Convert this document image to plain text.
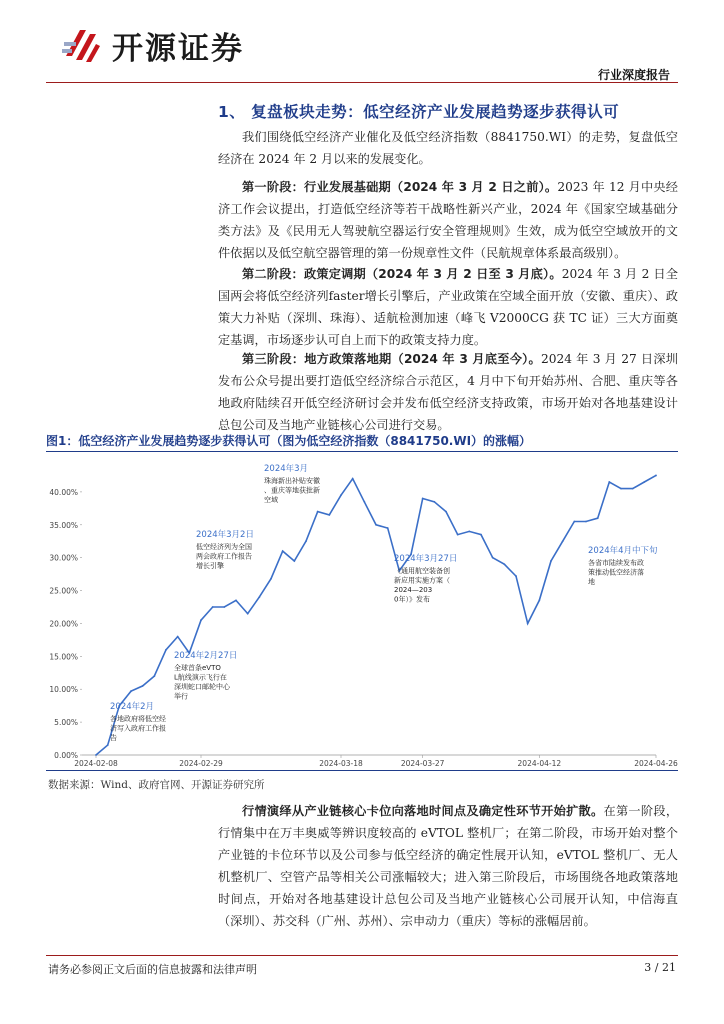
开源证券
行业深度报告
1、 复盘板块走势：低空经济产业发展趋势逐步获得认可
我们围绕低空经济产业催化及低空经济指数（8841750.WI）的走势，复盘低空经济在 2024 年 2 月以来的发展变化。
第一阶段：行业发展基础期（2024 年 3 月 2 日之前）。2023 年 12 月中央经济工作会议提出，打造低空经济等若干战略性新兴产业，2024 年《国家空域基础分类方法》及《民用无人驾驶航空器运行安全管理规则》生效，成为低空空域放开的文件依据以及低空航空器管理的第一份规章性文件（民航规章体系最高级别）。
第二阶段：政策定调期（2024 年 3 月 2 日至 3 月底）。2024 年 3 月 2 日全国两会将低空经济列faster增长引擎后，产业政策在空域全面开放（安徽、重庆）、政策大力补贴（深圳、珠海）、适航检测加速（峰飞 V2000CG 获 TC 证）三大方面奠定基调，市场逐步认可自上而下的政策支持力度。
第三阶段：地方政策落地期（2024 年 3 月底至今）。2024 年 3 月 27 日深圳发布公众号提出要打造低空经济综合示范区，4 月中下旬开始苏州、合肥、重庆等各地政府陆续召开低空经济研讨会并发布低空经济支持政策，市场开始对各地基建设计总包公司及当地产业链核心公司进行交易。
图1：低空经济产业发展趋势逐步获得认可（图为低空经济指数（8841750.WI）的涨幅）
0.00%
5.00%
10.00%
15.00%
20.00%
25.00%
30.00%
35.00%
40.00%
2024-02-08	2024-02-29	2024-03-18	2024-03-27	2024-04-12	2024-04-26
2024年2月
各地政府将低空经
济写入政府工作报
告
2024年2月27日
全球首条eVTO
L航线演示飞行在
深圳蛇口邮轮中心
举行
2024年3月2日
低空经济列为全国
两会政府工作报告
增长引擎
2024年3月
珠海新出补贴安徽
、重庆等地获批新
空域
2024年3月27日
《通用航空装备创
新应用实施方案（
2024—203
0年）》发布
2024年4月中下旬
各省市陆续发布政
策推动低空经济落
地
数据来源：Wind、政府官网、开源证券研究所
行情演绎从产业链核心卡位向落地时间点及确定性环节开始扩散。在第一阶段，行情集中在万丰奥威等辨识度较高的 eVTOL 整机厂；在第二阶段，市场开始对整个产业链的卡位环节以及公司参与低空经济的确定性展开认知，eVTOL 整机厂、无人机整机厂、空管产品等相关公司涨幅较大；进入第三阶段后，市场围绕各地政策落地时间点，开始对各地基建设计总包公司及当地产业链核心公司展开认知，中信海直（深圳）、苏交科（广州、苏州）、宗申动力（重庆）等标的涨幅居前。
请务必参阅正文后面的信息披露和法律声明	3 / 21
